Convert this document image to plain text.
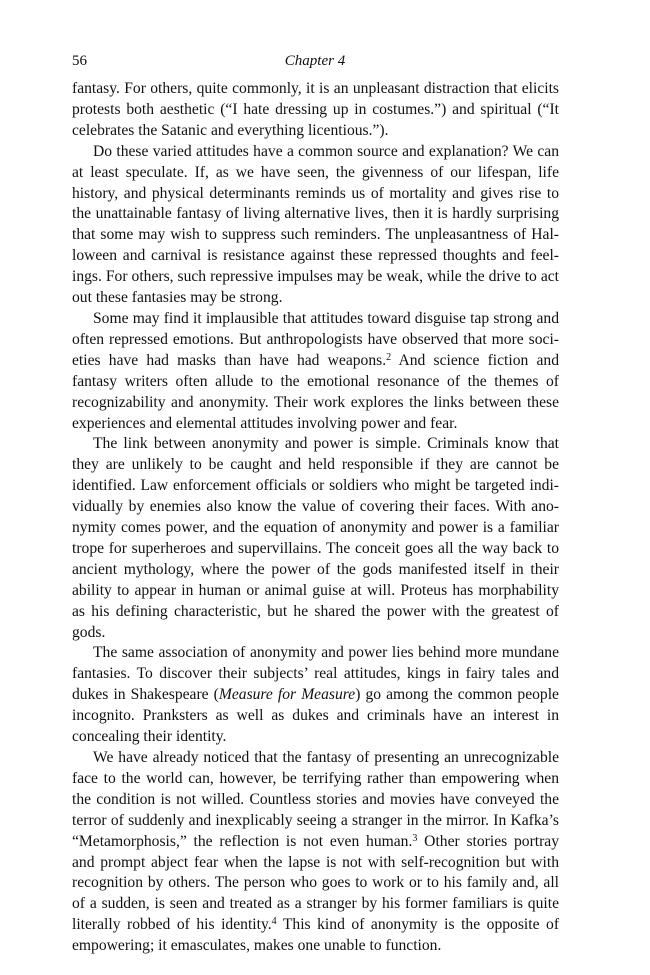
56	Chapter 4

fantasy. For others, quite commonly, it is an unpleasant distraction that elicits protests both aesthetic (“I hate dressing up in costumes.”) and spiritual (“It celebrates the Satanic and everything licentious.”).

Do these varied attitudes have a common source and explanation? We can at least speculate. If, as we have seen, the givenness of our lifespan, life history, and physical determinants reminds us of mortality and gives rise to the unattainable fantasy of living alternative lives, then it is hardly surprising that some may wish to suppress such reminders. The unpleasantness of Halloween and carnival is resistance against these repressed thoughts and feelings. For others, such repressive impulses may be weak, while the drive to act out these fantasies may be strong.

Some may find it implausible that attitudes toward disguise tap strong and often repressed emotions. But anthropologists have observed that more societies have had masks than have had weapons.$^2$ And science fiction and fantasy writers often allude to the emotional resonance of the themes of recognizability and anonymity. Their work explores the links between these experiences and elemental attitudes involving power and fear.

The link between anonymity and power is simple. Criminals know that they are unlikely to be caught and held responsible if they are cannot be identified. Law enforcement officials or soldiers who might be targeted individually by enemies also know the value of covering their faces. With anonymity comes power, and the equation of anonymity and power is a familiar trope for superheroes and supervillains. The conceit goes all the way back to ancient mythology, where the power of the gods manifested itself in their ability to appear in human or animal guise at will. Proteus has morphability as his defining characteristic, but he shared the power with the greatest of gods.

The same association of anonymity and power lies behind more mundane fantasies. To discover their subjects’ real attitudes, kings in fairy tales and dukes in Shakespeare (Measure for Measure) go among the common people incognito. Pranksters as well as dukes and criminals have an interest in concealing their identity.

We have already noticed that the fantasy of presenting an unrecognizable face to the world can, however, be terrifying rather than empowering when the condition is not willed. Countless stories and movies have conveyed the terror of suddenly and inexplicably seeing a stranger in the mirror. In Kafka’s “Metamorphosis,” the reflection is not even human.$^3$ Other stories portray and prompt abject fear when the lapse is not with self-recognition but with recognition by others. The person who goes to work or to his family and, all of a sudden, is seen and treated as a stranger by his former familiars is quite literally robbed of his identity.$^4$ This kind of anonymity is the opposite of empowering; it emasculates, makes one unable to function.
